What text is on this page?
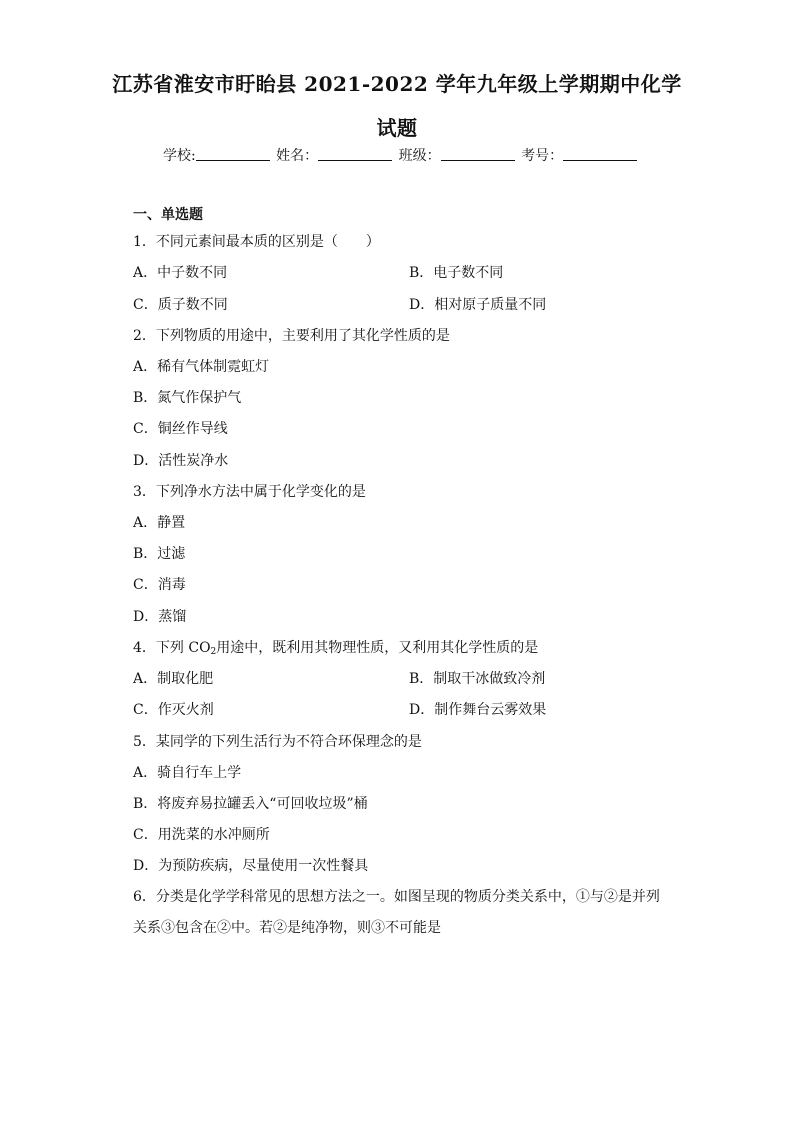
江苏省淮安市盱眙县 2021-2022 学年九年级上学期期中化学
试题
学校:	姓名：	班级：	考号：
一、单选题
1．不同元素间最本质的区别是（　　）
A．中子数不同	B．电子数不同
C．质子数不同	D．相对原子质量不同
2．下列物质的用途中，主要利用了其化学性质的是
A．稀有气体制霓虹灯
B．氮气作保护气
C．铜丝作导线
D．活性炭净水
3．下列净水方法中属于化学变化的是
A．静置
B．过滤
C．消毒
D．蒸馏
4．下列 $CO_2$用途中，既利用其物理性质，又利用其化学性质的是
A．制取化肥	B．制取干冰做致冷剂
C．作灭火剂	D．制作舞台云雾效果
5．某同学的下列生活行为不符合环保理念的是
A．骑自行车上学
B．将废弃易拉罐丢入“可回收垃圾”桶
C．用洗菜的水冲厕所
D．为预防疾病，尽量使用一次性餐具
6．分类是化学学科常见的思想方法之一。如图呈现的物质分类关系中，①与②是并列
关系③包含在②中。若②是纯净物，则③不可能是
